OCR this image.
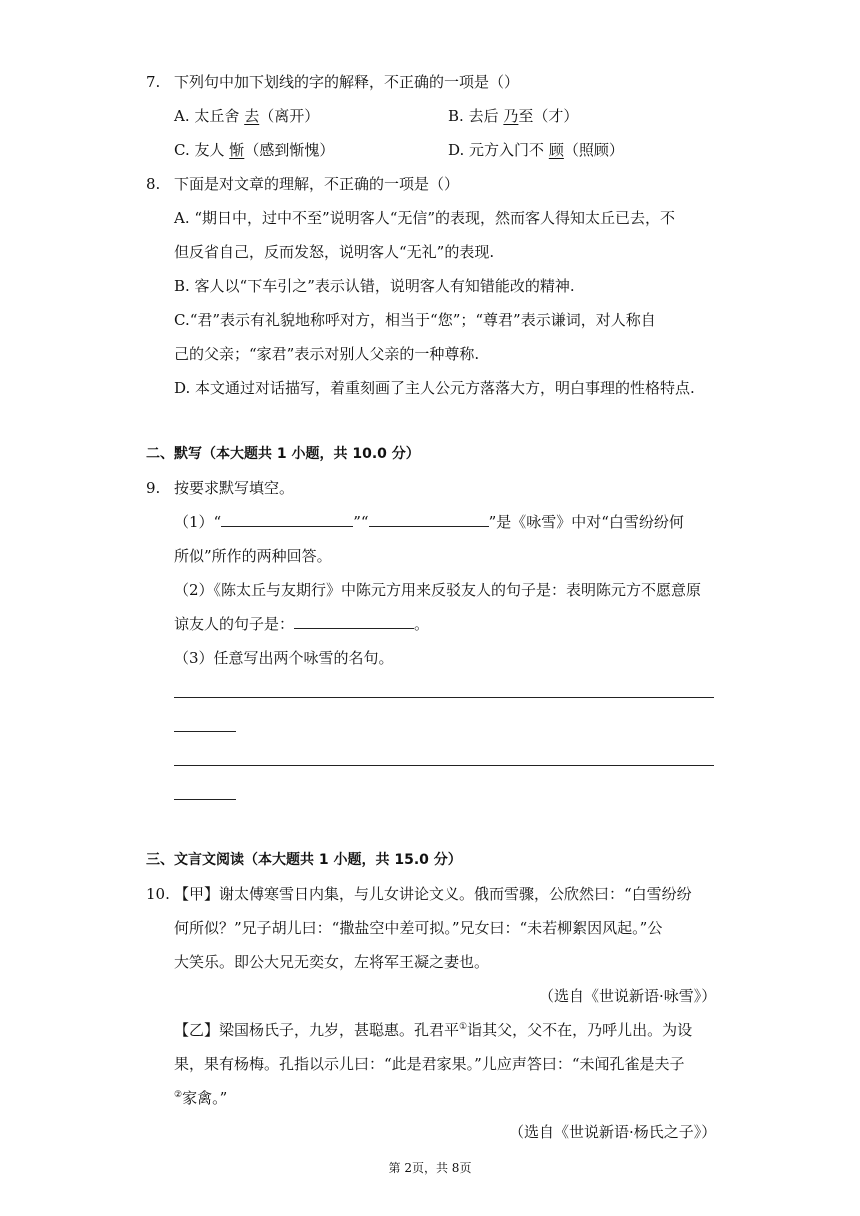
7. 下列句中加下划线的字的解释，不正确的一项是（）
A. 太丘舍 去（离开）	B. 去后 乃至（才）
C. 友人 惭（感到惭愧）	D. 元方入门不 顾（照顾）
8. 下面是对文章的理解，不正确的一项是（）
A. “期日中，过中不至”说明客人“无信”的表现，然而客人得知太丘已去，不
但反省自己，反而发怒，说明客人“无礼”的表现.
B. 客人以“下车引之”表示认错，说明客人有知错能改的精神.
C.“君”表示有礼貌地称呼对方，相当于“您”；“尊君”表示谦词，对人称自
己的父亲；“家君”表示对别人父亲的一种尊称.
D. 本文通过对话描写，着重刻画了主人公元方落落大方，明白事理的性格特点.
二、默写（本大题共 1 小题，共 10.0 分）
9. 按要求默写填空。
（1）“	”“	”是《咏雪》中对“白雪纷纷何
所似”所作的两种回答。
（2）《陈太丘与友期行》中陈元方用来反驳友人的句子是：表明陈元方不愿意原
谅友人的句子是：	。
（3）任意写出两个咏雪的名句。
三、文言文阅读（本大题共 1 小题，共 15.0 分）
10. 【甲】谢太傅寒雪日内集，与儿女讲论文义。俄而雪骤，公欣然曰：“白雪纷纷
何所似？”兄子胡儿曰：“撒盐空中差可拟。”兄女曰：“未若柳絮因风起。”公
大笑乐。即公大兄无奕女，左将军王凝之妻也。
（选自《世说新语·咏雪》）
【乙】梁国杨氏子，九岁，甚聪惠。孔君平①诣其父，父不在，乃呼儿出。为设
果，果有杨梅。孔指以示儿曰：“此是君家果。”儿应声答曰：“未闻孔雀是夫子
②家禽。”
（选自《世说新语·杨氏之子》）
第 2页，共 8页
